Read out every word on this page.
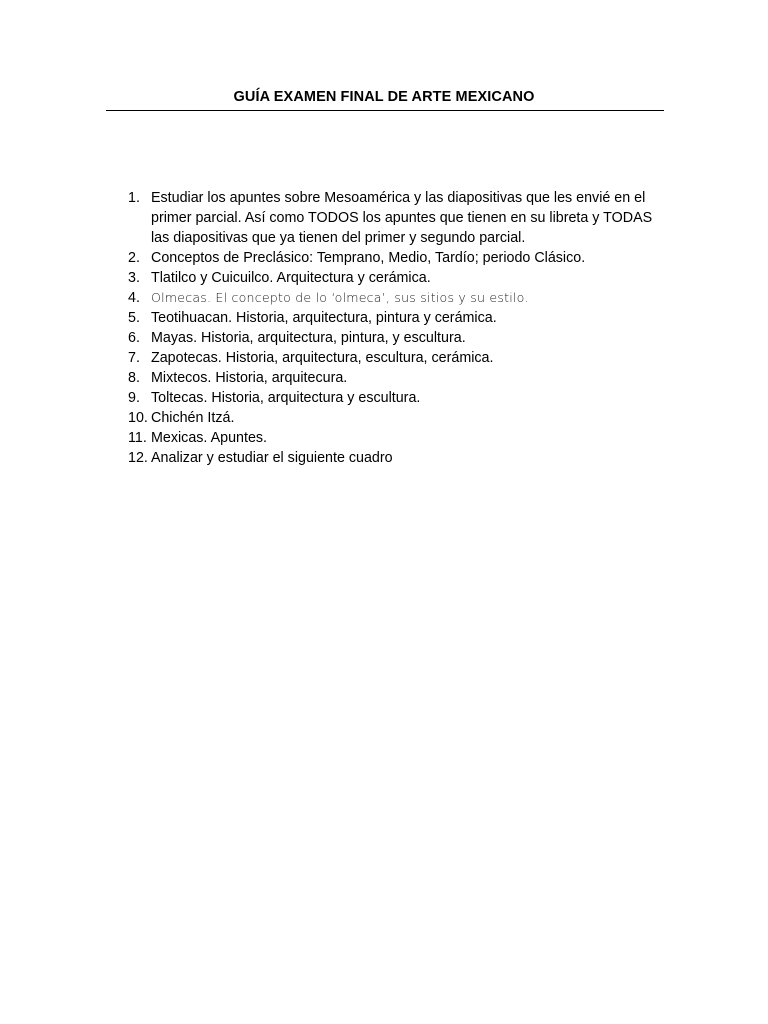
GUÍA EXAMEN FINAL DE ARTE MEXICANO
1. Estudiar los apuntes sobre Mesoamérica y las diapositivas que les envié en el primer parcial. Así como TODOS los apuntes que tienen en su libreta y TODAS las diapositivas que ya tienen del primer y segundo parcial.
2. Conceptos de Preclásico: Temprano, Medio, Tardío; periodo Clásico.
3. Tlatilco y Cuicuilco. Arquitectura y cerámica.
4. Olmecas. El concepto de lo ‘olmeca’, sus sitios y su estilo.
5. Teotihuacan. Historia, arquitectura, pintura y cerámica.
6. Mayas. Historia, arquitectura, pintura, y escultura.
7. Zapotecas. Historia, arquitectura, escultura, cerámica.
8. Mixtecos. Historia, arquitecura.
9. Toltecas. Historia, arquitectura y escultura.
10. Chichén Itzá.
11. Mexicas. Apuntes.
12. Analizar y estudiar el siguiente cuadro
